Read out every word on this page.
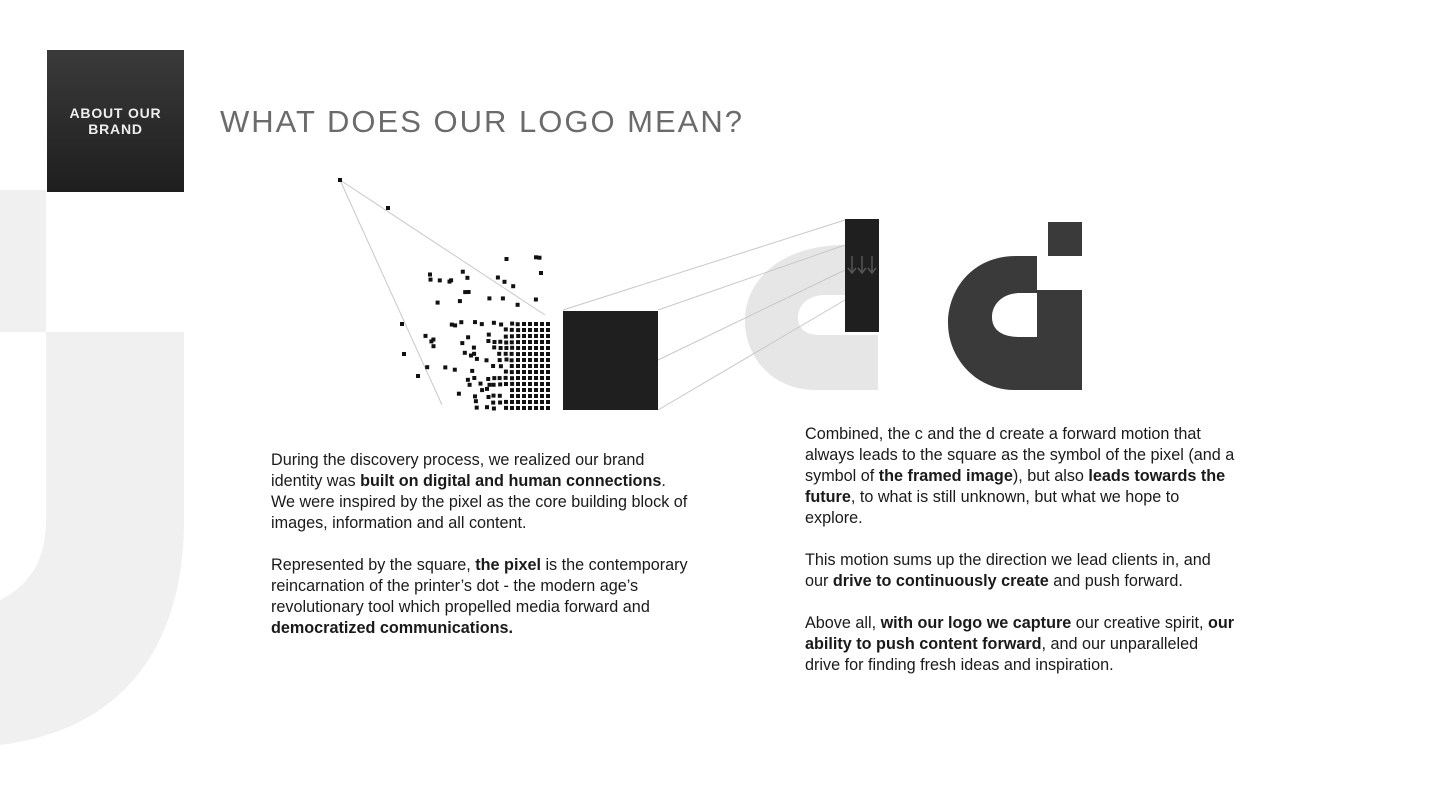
ABOUT OUR BRAND	WHAT DOES OUR LOGO MEAN?

During the discovery process, we realized our brand identity was built on digital and human connections. We were inspired by the pixel as the core building block of images, information and all content.

Represented by the square, the pixel is the contemporary reincarnation of the printer’s dot - the modern age’s revolutionary tool which propelled media forward and democratized communications.

Combined, the c and the d create a forward motion that always leads to the square as the symbol of the pixel (and a symbol of the framed image), but also leads towards the future, to what is still unknown, but what we hope to explore.

This motion sums up the direction we lead clients in, and our drive to continuously create and push forward.

Above all, with our logo we capture our creative spirit, our ability to push content forward, and our unparalleled drive for finding fresh ideas and inspiration.
